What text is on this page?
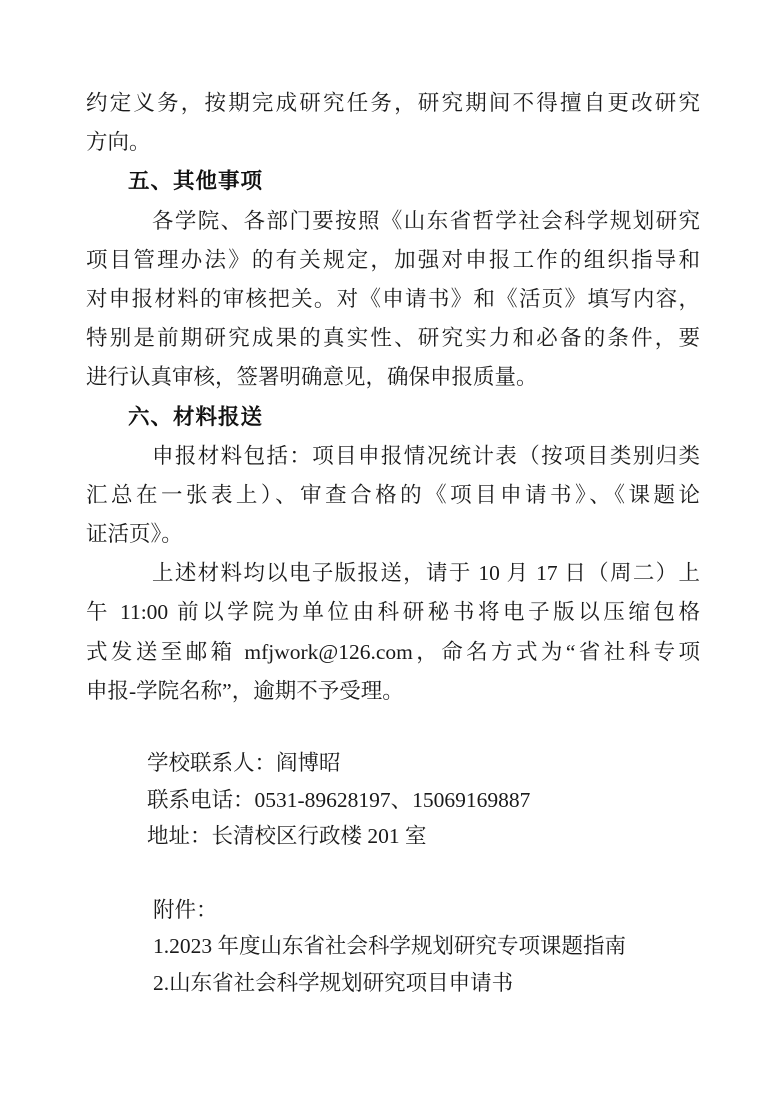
约定义务，按期完成研究任务，研究期间不得擅自更改研究
方向。
五、其他事项
各学院、各部门要按照《山东省哲学社会科学规划研究
项目管理办法》的有关规定，加强对申报工作的组织指导和
对申报材料的审核把关。对《申请书》和《活页》填写内容，
特别是前期研究成果的真实性、研究实力和必备的条件，要
进行认真审核，签署明确意见，确保申报质量。
六、材料报送
申报材料包括：项目申报情况统计表（按项目类别归类
汇总在一张表上）、审查合格的《项目申请书》、《课题论
证活页》。
上述材料均以电子版报送，请于 10 月 17 日（周二）上
午 11:00 前以学院为单位由科研秘书将电子版以压缩包格
式发送至邮箱 mfjwork@126.com，命名方式为“省社科专项
申报-学院名称”，逾期不予受理。
学校联系人：阎博昭
联系电话：0531-89628197、15069169887
地址：长清校区行政楼 201 室
附件：
1.2023 年度山东省社会科学规划研究专项课题指南
2.山东省社会科学规划研究项目申请书
